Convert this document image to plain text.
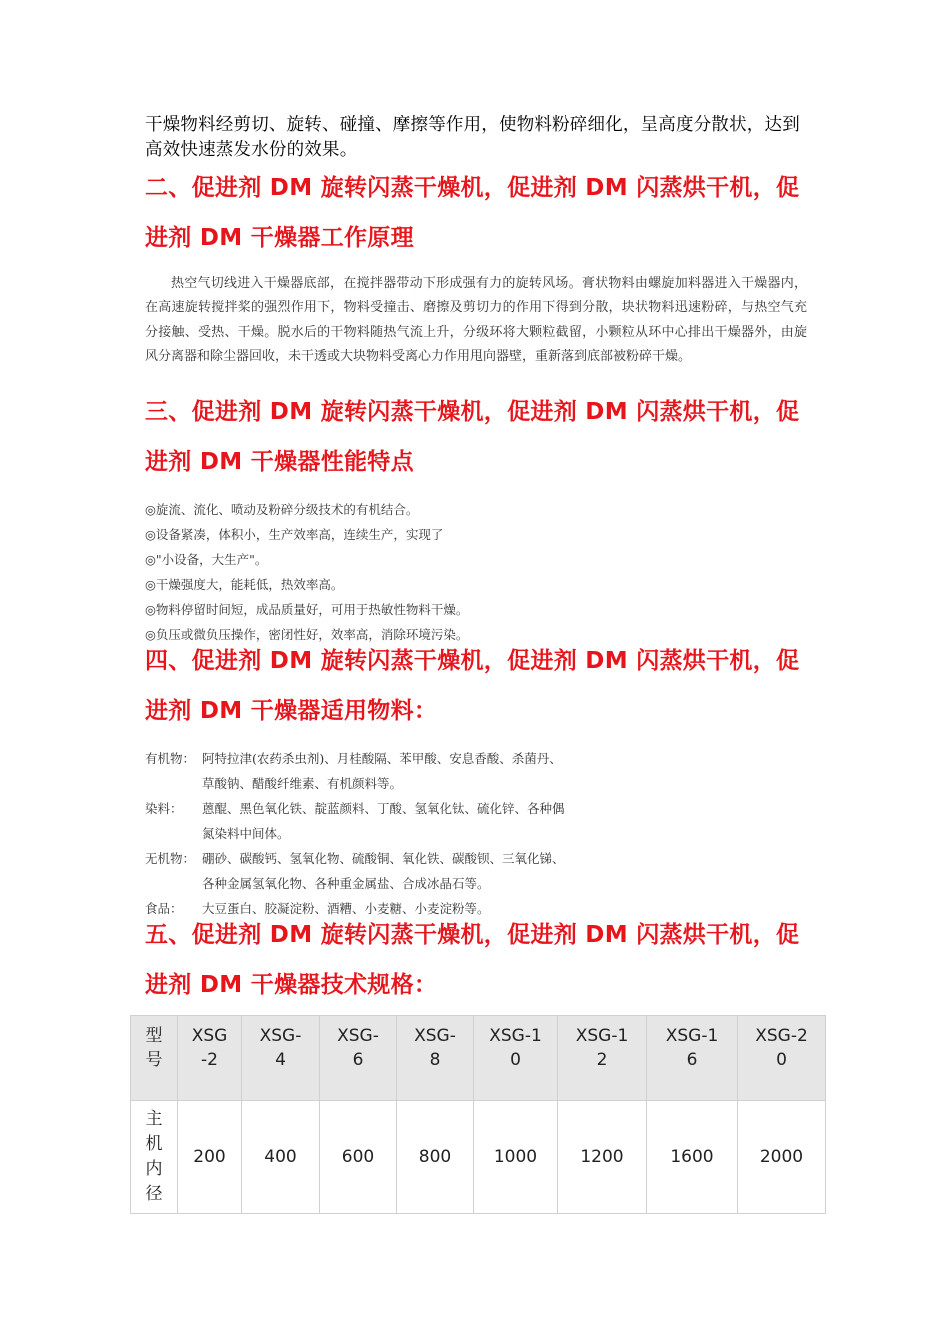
干燥物料经剪切、旋转、碰撞、摩擦等作用，使物料粉碎细化，呈高度分散状，达到高效快速蒸发水份的效果。
二、促进剂 DM 旋转闪蒸干燥机，促进剂 DM 闪蒸烘干机，促进剂 DM 干燥器工作原理
热空气切线进入干燥器底部，在搅拌器带动下形成强有力的旋转风场。膏状物料由螺旋加料器进入干燥器内，在高速旋转搅拌桨的强烈作用下，物料受撞击、磨擦及剪切力的作用下得到分散，块状物料迅速粉碎，与热空气充分接触、受热、干燥。脱水后的干物料随热气流上升，分级环将大颗粒截留，小颗粒从环中心排出干燥器外，由旋风分离器和除尘器回收，未干透或大块物料受离心力作用甩向器壁，重新落到底部被粉碎干燥。
三、促进剂 DM 旋转闪蒸干燥机，促进剂 DM 闪蒸烘干机，促进剂 DM 干燥器性能特点
◎旋流、流化、喷动及粉碎分级技术的有机结合。
◎设备紧凑，体积小，生产效率高，连续生产，实现了
◎"小设备，大生产"。
◎干燥强度大，能耗低，热效率高。
◎物料停留时间短，成品质量好，可用于热敏性物料干燥。
◎负压或微负压操作，密闭性好，效率高，消除环境污染。
四、促进剂 DM 旋转闪蒸干燥机，促进剂 DM 闪蒸烘干机，促进剂 DM 干燥器适用物料：
有机物： 阿特拉津(农药杀虫剂)、月桂酸隔、苯甲酸、安息香酸、杀菌丹、
草酸钠、醋酸纤维素、有机颜料等。
染料：	蒽醌、黑色氧化铁、靛蓝颜料、丁酸、氢氧化钛、硫化锌、各种偶
氮染料中间体。
无机物： 硼砂、碳酸钙、氢氧化物、硫酸铜、氧化铁、碳酸钡、三氧化锑、
各种金属氢氧化物、各种重金属盐、合成冰晶石等。
食品：	大豆蛋白、胶凝淀粉、酒糟、小麦糖、小麦淀粉等。
五、促进剂 DM 旋转闪蒸干燥机，促进剂 DM 闪蒸烘干机，促进剂 DM 干燥器技术规格：
型号	XSG-2	XSG-4	XSG-6	XSG-8	XSG-10	XSG-12	XSG-16	XSG-20

主机内径	200	400	600	800	1000	1200	1600	2000
